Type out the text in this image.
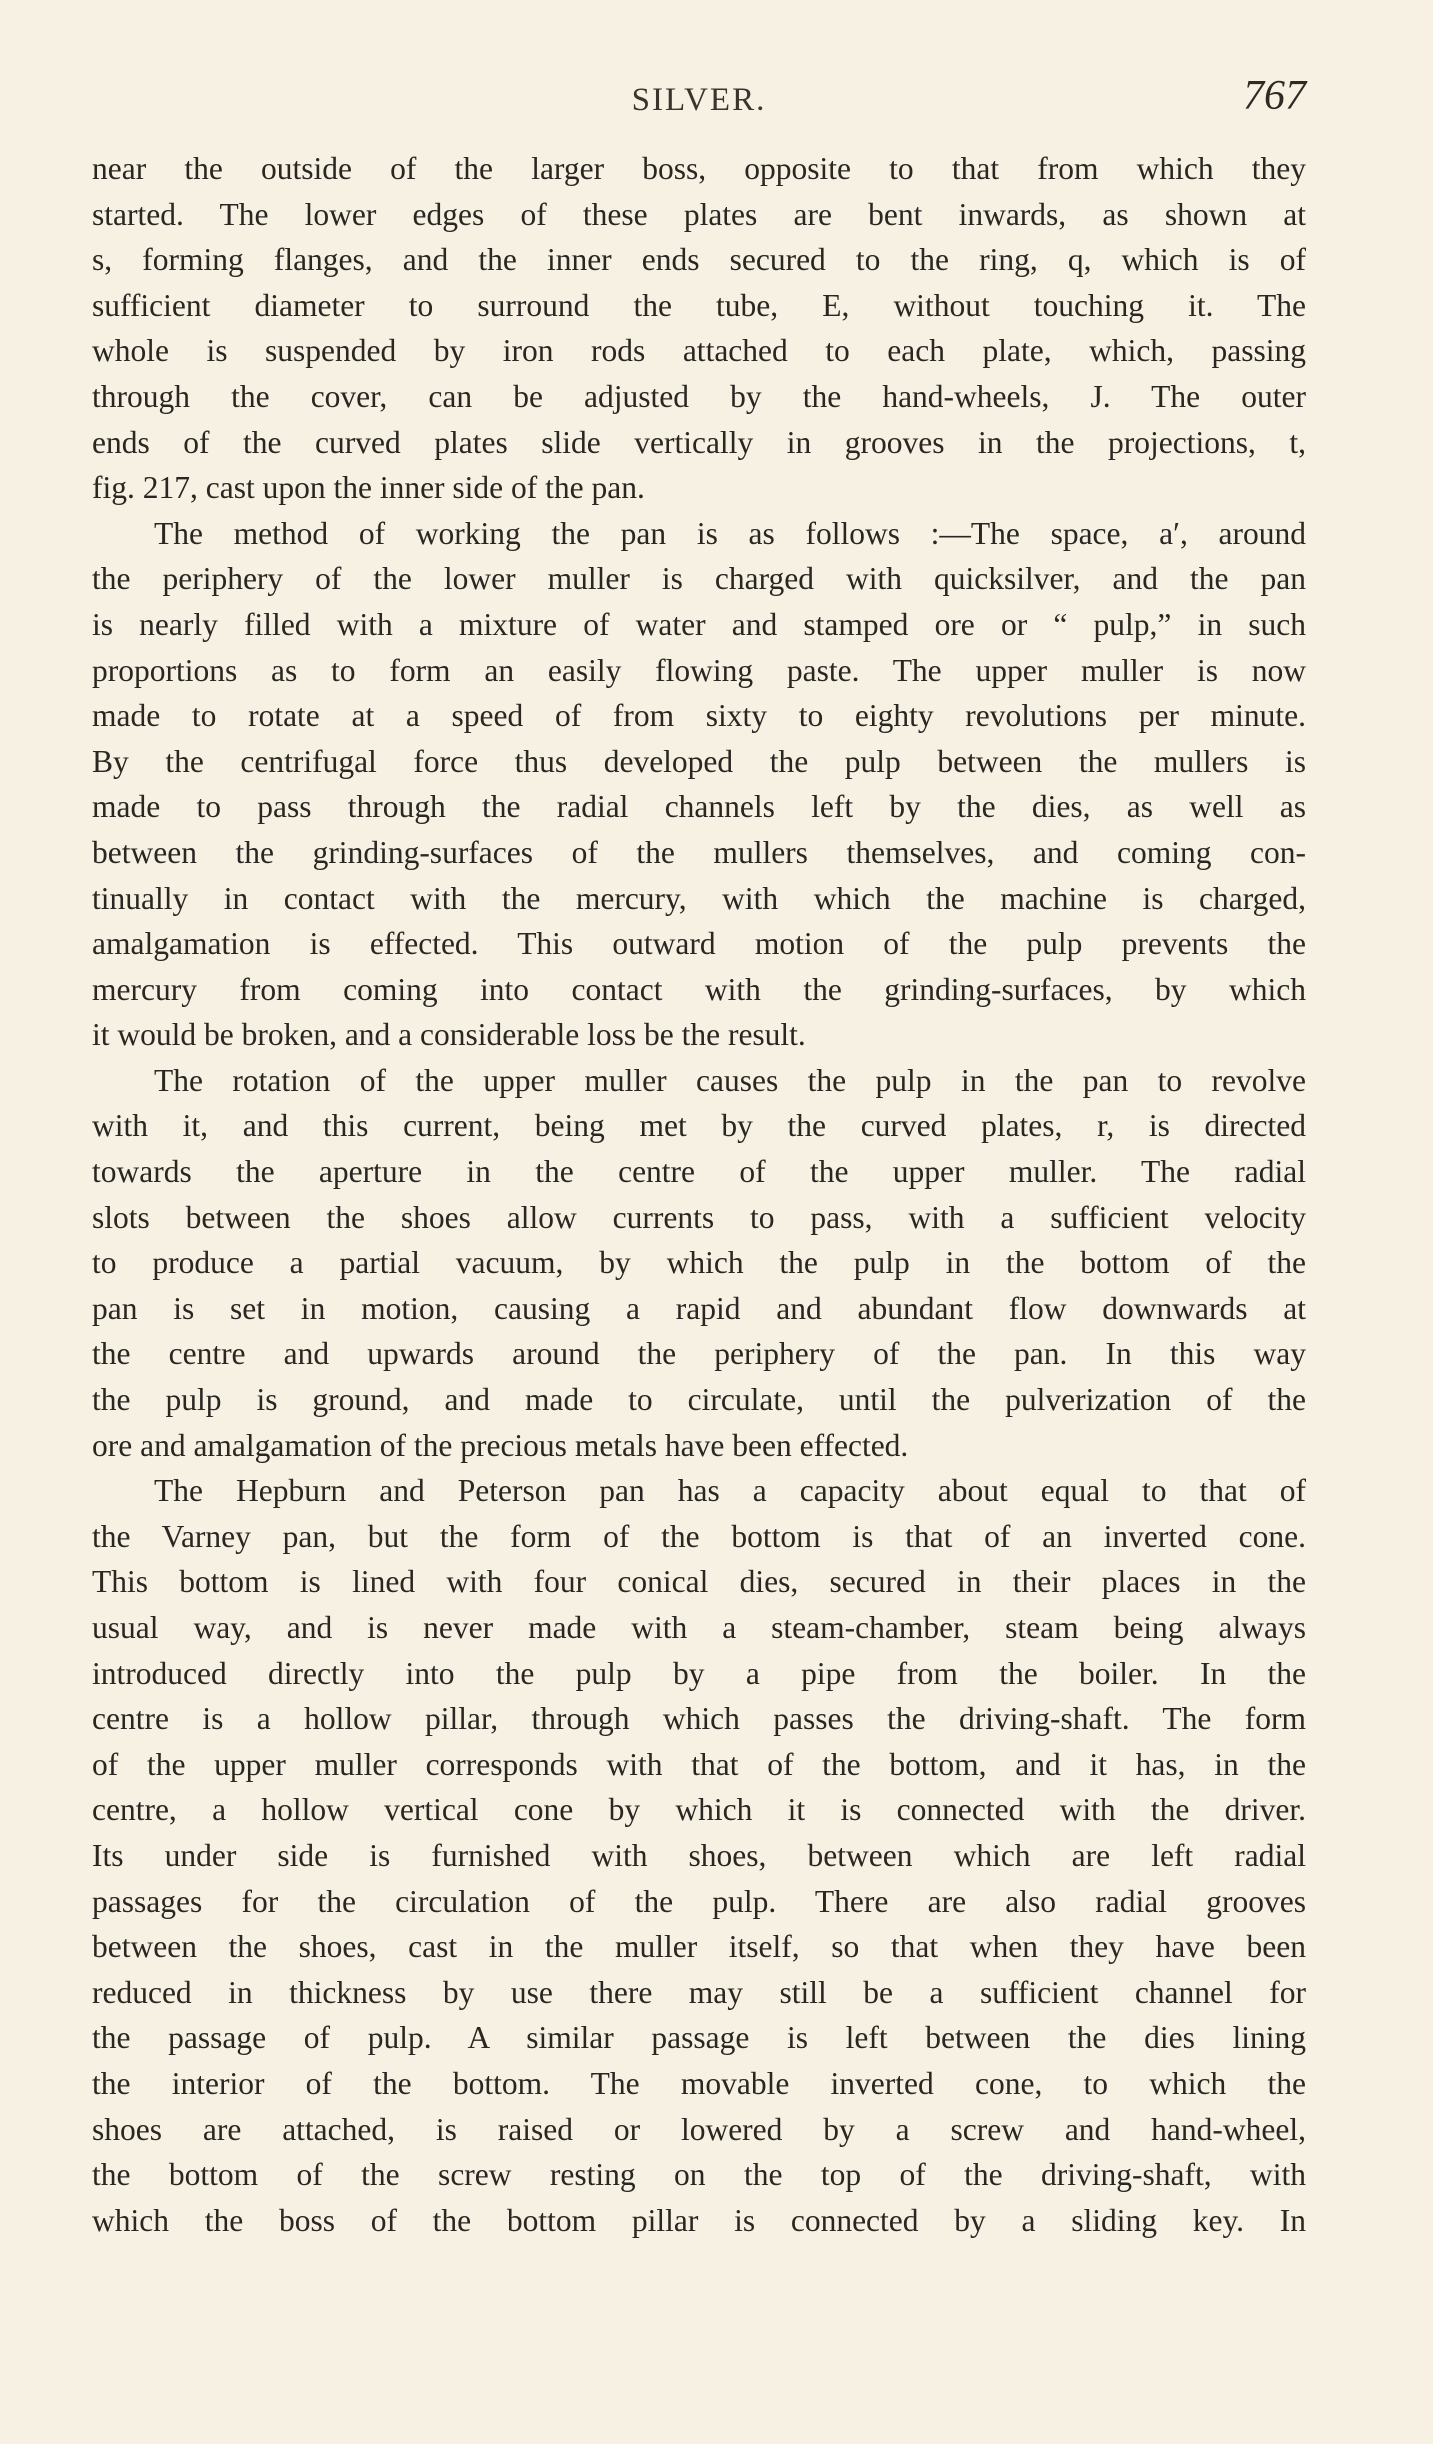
SILVER.	767
near the outside of the larger boss, opposite to that from which they
started. The lower edges of these plates are bent inwards, as shown at
s, forming flanges, and the inner ends secured to the ring, q, which is of
sufficient diameter to surround the tube, E, without touching it. The
whole is suspended by iron rods attached to each plate, which, passing
through the cover, can be adjusted by the hand-wheels, J. The outer
ends of the curved plates slide vertically in grooves in the projections, t,
fig. 217, cast upon the inner side of the pan.
The method of working the pan is as follows :—The space, a′, around
the periphery of the lower muller is charged with quicksilver, and the pan
is nearly filled with a mixture of water and stamped ore or “ pulp,” in such
proportions as to form an easily flowing paste. The upper muller is now
made to rotate at a speed of from sixty to eighty revolutions per minute.
By the centrifugal force thus developed the pulp between the mullers is
made to pass through the radial channels left by the dies, as well as
between the grinding-surfaces of the mullers themselves, and coming con-
tinually in contact with the mercury, with which the machine is charged,
amalgamation is effected. This outward motion of the pulp prevents the
mercury from coming into contact with the grinding-surfaces, by which
it would be broken, and a considerable loss be the result.
The rotation of the upper muller causes the pulp in the pan to revolve
with it, and this current, being met by the curved plates, r, is directed
towards the aperture in the centre of the upper muller. The radial
slots between the shoes allow currents to pass, with a sufficient velocity
to produce a partial vacuum, by which the pulp in the bottom of the
pan is set in motion, causing a rapid and abundant flow downwards at
the centre and upwards around the periphery of the pan. In this way
the pulp is ground, and made to circulate, until the pulverization of the
ore and amalgamation of the precious metals have been effected.
The Hepburn and Peterson pan has a capacity about equal to that of
the Varney pan, but the form of the bottom is that of an inverted cone.
This bottom is lined with four conical dies, secured in their places in the
usual way, and is never made with a steam-chamber, steam being always
introduced directly into the pulp by a pipe from the boiler. In the
centre is a hollow pillar, through which passes the driving-shaft. The form
of the upper muller corresponds with that of the bottom, and it has, in the
centre, a hollow vertical cone by which it is connected with the driver.
Its under side is furnished with shoes, between which are left radial
passages for the circulation of the pulp. There are also radial grooves
between the shoes, cast in the muller itself, so that when they have been
reduced in thickness by use there may still be a sufficient channel for
the passage of pulp. A similar passage is left between the dies lining
the interior of the bottom. The movable inverted cone, to which the
shoes are attached, is raised or lowered by a screw and hand-wheel,
the bottom of the screw resting on the top of the driving-shaft, with
which the boss of the bottom pillar is connected by a sliding key. In
